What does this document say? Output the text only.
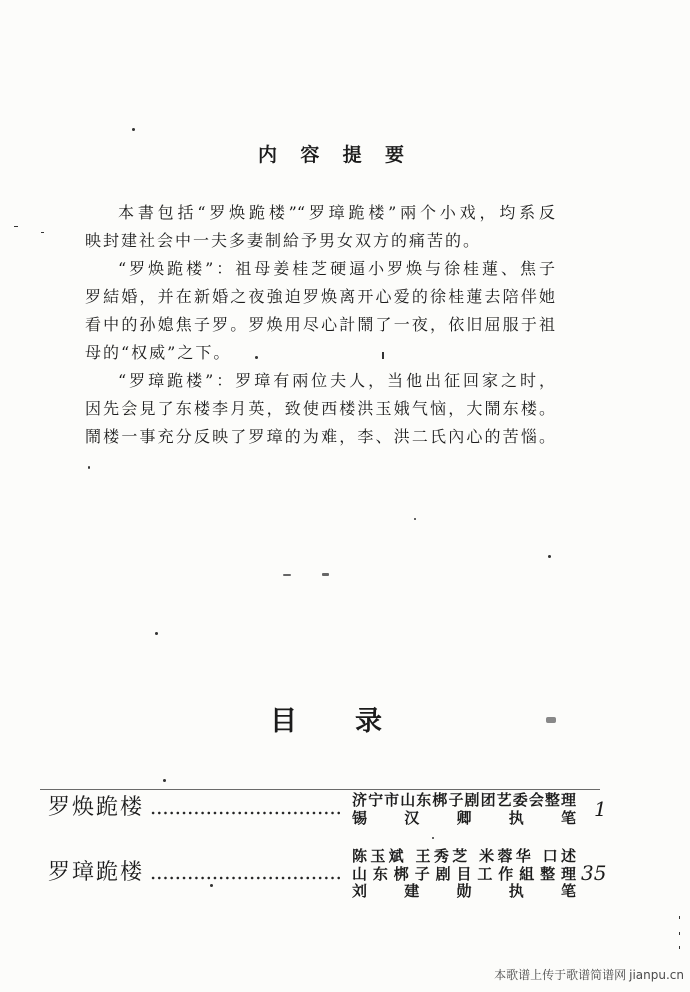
内 容 提 要
本書包括“罗焕跪楼”“罗璋跪楼”兩个小戏，均系反
映封建社会中一夫多妻制給予男女双方的痛苦的。
“罗焕跪楼”：祖母姜桂芝硬逼小罗焕与徐桂蓮、焦子
罗結婚，并在新婚之夜強迫罗焕离开心爱的徐桂蓮去陪伴她
看中的孙媳焦子罗。罗焕用尽心計鬧了一夜，依旧屈服于祖
母的“权威”之下。
“罗璋跪楼”：罗璋有兩位夫人，当他出征回家之时，
因先会見了东楼李月英，致使西楼洪玉娥气恼，大鬧东楼。
鬧楼一事充分反映了罗璋的为难，李、洪二氏內心的苦惱。
目 录
罗焕跪楼	济宁市山东梆子剧团艺委会整理
锡 汉 卿 执 笔 1
罗璋跪楼
陈玉斌 王秀芝 米蓉华 口述
山东梆子剧目工作組整理
刘 建 勋 执 笔
35
本歌谱上传于歌谱简谱网 jianpu.cn
